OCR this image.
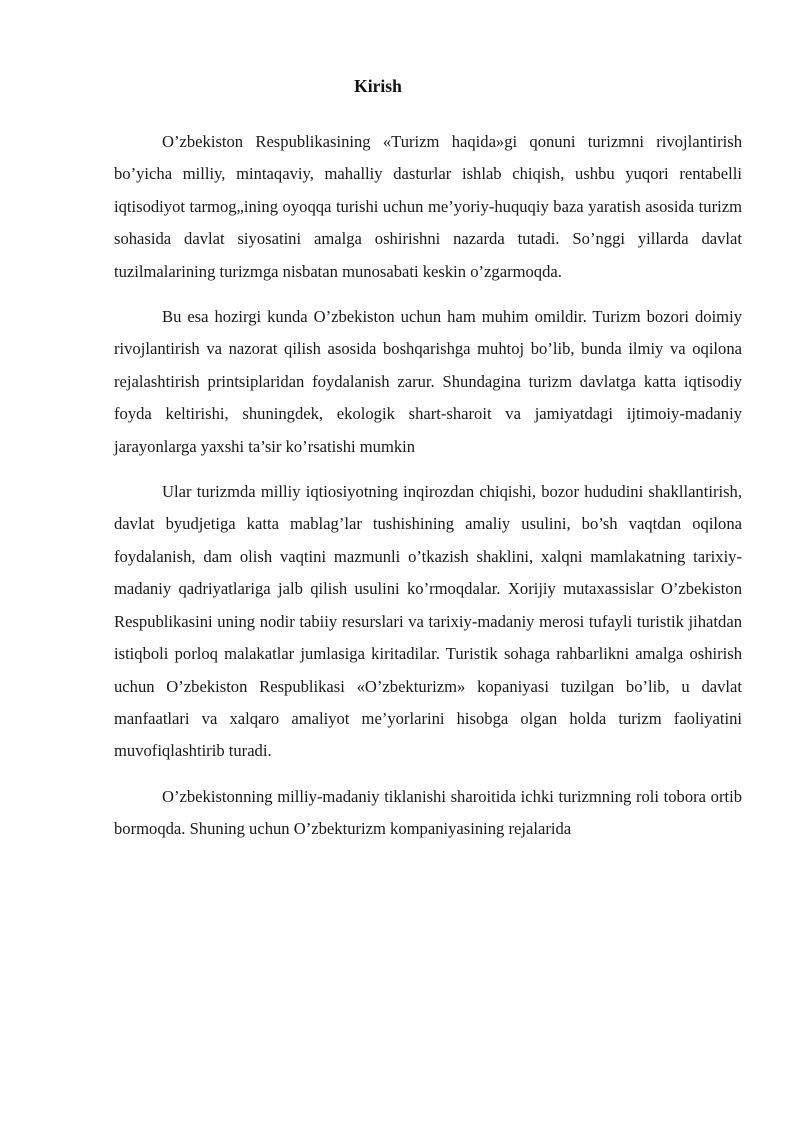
Kirish

O’zbekiston Respublikasining «Turizm haqida»gi qonuni turizmni rivojlantirish bo’yicha milliy, mintaqaviy, mahalliy dasturlar ishlab chiqish, ushbu yuqori rentabelli iqtisodiyot tarmog„ining oyoqqa turishi uchun me’yoriy-huquqiy baza yaratish asosida turizm sohasida davlat siyosatini amalga oshirishni nazarda tutadi. So’nggi yillarda davlat tuzilmalarining turizmga nisbatan munosabati keskin o’zgarmoqda.

Bu esa hozirgi kunda O’zbekiston uchun ham muhim omildir. Turizm bozori doimiy rivojlantirish va nazorat qilish asosida boshqarishga muhtoj bo’lib, bunda ilmiy va oqilona rejalashtirish printsiplaridan foydalanish zarur. Shundagina turizm davlatga katta iqtisodiy foyda keltirishi, shuningdek, ekologik shart-sharoit va jamiyatdagi ijtimoiy-madaniy jarayonlarga yaxshi ta’sir ko’rsatishi mumkin

Ular turizmda milliy iqtiosiyotning inqirozdan chiqishi, bozor hududini shakllantirish, davlat byudjetiga katta mablag’lar tushishining amaliy usulini, bo’sh vaqtdan oqilona foydalanish, dam olish vaqtini mazmunli o’tkazish shaklini, xalqni mamlakatning tarixiy-madaniy qadriyatlariga jalb qilish usulini ko’rmoqdalar. Xorijiy mutaxassislar O’zbekiston Respublikasini uning nodir tabiiy resurslari va tarixiy-madaniy merosi tufayli turistik jihatdan istiqboli porloq malakatlar jumlasiga kiritadilar. Turistik sohaga rahbarlikni amalga oshirish uchun O’zbekiston Respublikasi «O’zbekturizm» kopaniyasi tuzilgan bo’lib, u davlat manfaatlari va xalqaro amaliyot me’yorlarini hisobga olgan holda turizm faoliyatini muvofiqlashtirib turadi.

O’zbekistonning milliy-madaniy tiklanishi sharoitida ichki turizmning roli tobora ortib bormoqda. Shuning uchun O’zbekturizm kompaniyasining rejalarida
